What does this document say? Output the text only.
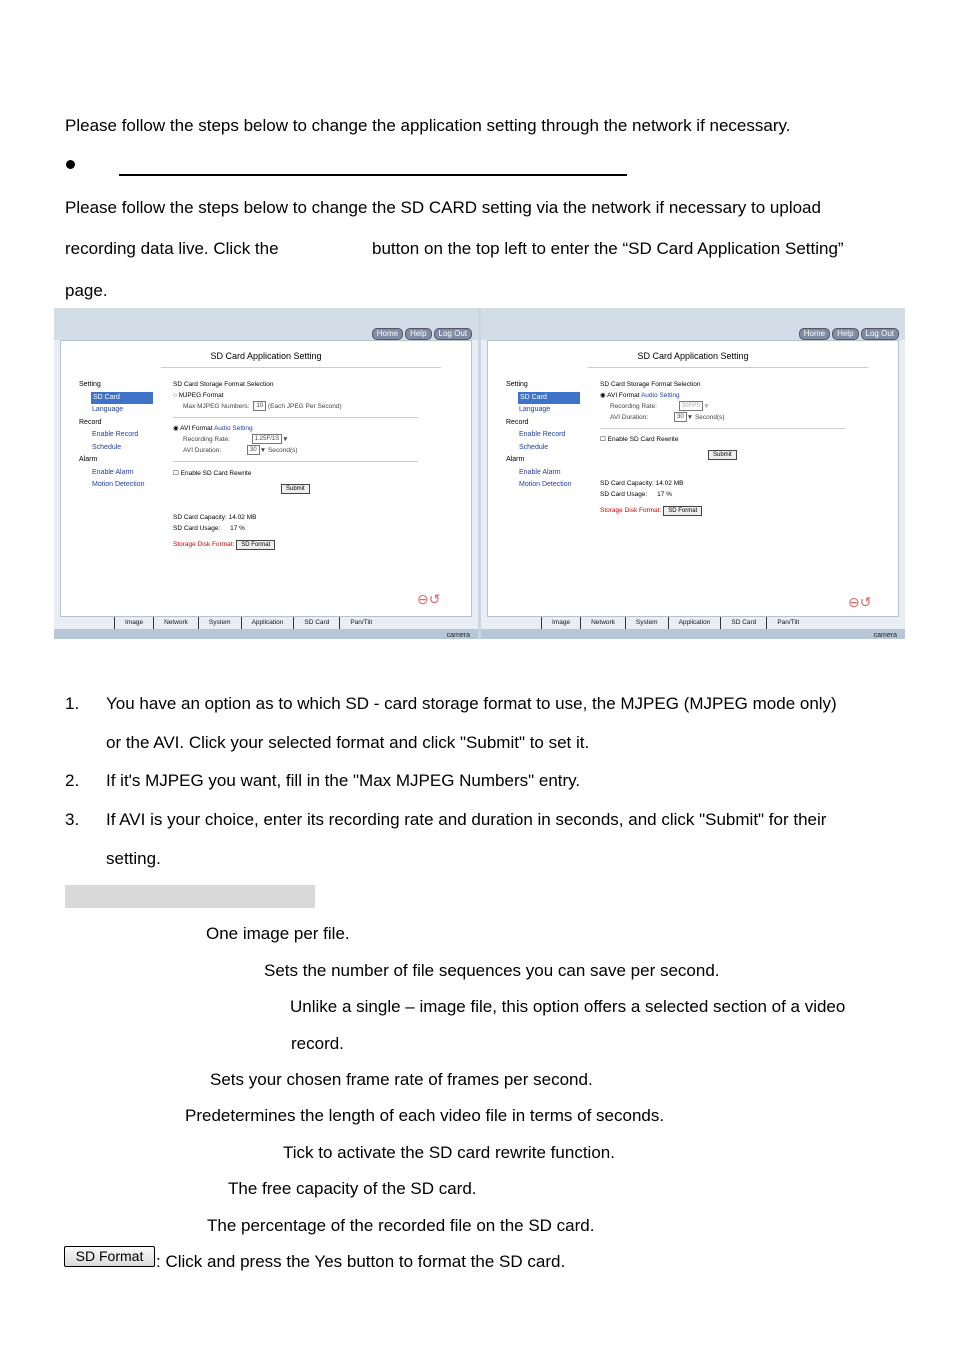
Please follow the steps below to change the application setting through the network if necessary.
Please follow the steps below to change the SD CARD setting via the network if necessary to upload
recording data live. Click the	button on the top left to enter the “SD Card Application Setting”
page.
Home	Help	Log Out
SD Card Application Setting
Setting
SD Card
Language
Record
Enable Record
Schedule
Alarm
Enable Alarm
Motion Detection
SD Card Storage Format Selection
○ MJPEG Format
Max MJPEG Numbers: 10 (Each JPEG Per Second)
◉ AVI Format Audio Setting
Recording Rate:	1.25F/1S ▼
AVI Duration:	30 ▼ Second(s)
☐ Enable SD Card Rewrite
Submit
SD Card Capacity: 14.02 MB
SD Card Usage: 17 %
Storage Disk Format: SD Format
⊖↺
Image	Network	System	Application	SD Card	Pan/Tilt
camera
Home	Help	Log Out
SD Card Application Setting
Setting
SD Card
Language
Record
Enable Record
Schedule
Alarm
Enable Alarm
Motion Detection
SD Card Storage Format Selection
◉ AVI Format Audio Setting
Recording Rate:	30FPS ▼
AVI Duration:	30 ▼ Second(s)
☐ Enable SD Card Rewrite
Submit
SD Card Capacity: 14.02 MB
SD Card Usage: 17 %
Storage Disk Format: SD Format
⊖↺
Image	Network	System	Application	SD Card	Pan/Tilt
camera
1. You have an option as to which SD - card storage format to use, the MJPEG (MJPEG mode only)
or the AVI. Click your selected format and click "Submit" to set it.
2. If it's MJPEG you want, fill in the "Max MJPEG Numbers" entry.
3. If AVI is your choice, enter its recording rate and duration in seconds, and click "Submit" for their
setting.
One image per file.
Sets the number of file sequences you can save per second.
Unlike a single – image file, this option offers a selected section of a video
record.
Sets your chosen frame rate of frames per second.
Predetermines the length of each video file in terms of seconds.
Tick to activate the SD card rewrite function.
The free capacity of the SD card.
The percentage of the recorded file on the SD card.
SD Format : Click and press the Yes button to format the SD card.
